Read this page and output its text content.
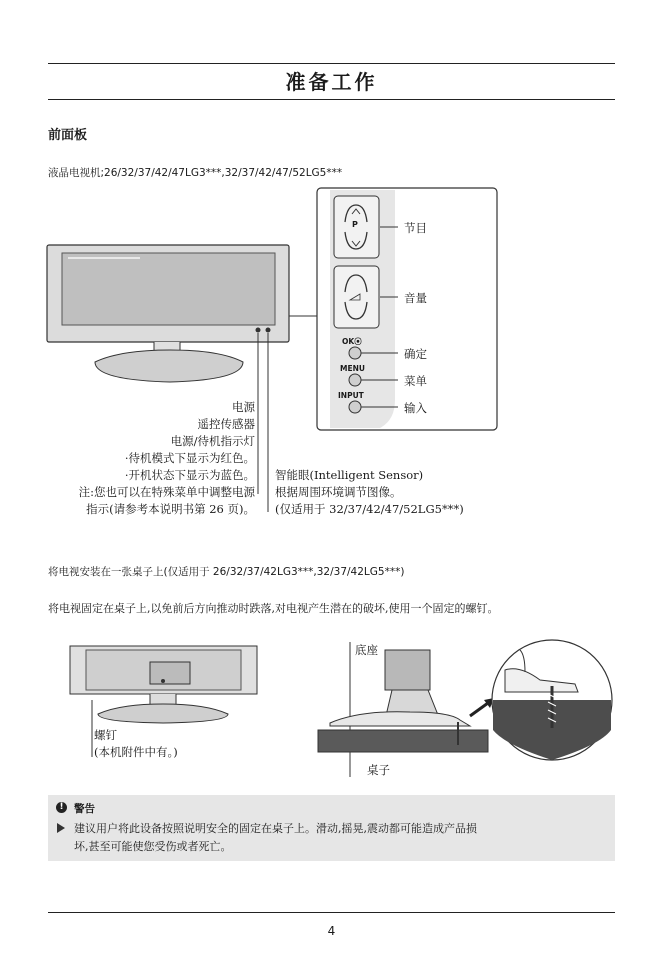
准备工作
前面板
液晶电视机;26/32/37/42/47LG3***,32/37/42/47/52LG5***
P
OK⦿
MENU
INPUT
节目
音量
确定
菜单
输入
电源
遥控传感器
电源/待机指示灯
·待机模式下显示为红色。
·开机状态下显示为蓝色。
注:您也可以在特殊菜单中调整电源
指示(请参考本说明书第 26 页)。
智能眼(Intelligent Sensor)
根据周围环境调节图像。
(仅适用于 32/37/42/47/52LG5***)
将电视安装在一张桌子上(仅适用于 26/32/37/42LG3***,32/37/42LG5***)
将电视固定在桌子上,以免前后方向推动时跌落,对电视产生潜在的破坏,使用一个固定的螺钉。
螺钉
(本机附件中有。)
底座
桌子
! 警告
建议用户将此设备按照说明安全的固定在桌子上。滑动,摇晃,震动都可能造成产品损
坏,甚至可能使您受伤或者死亡。
4
